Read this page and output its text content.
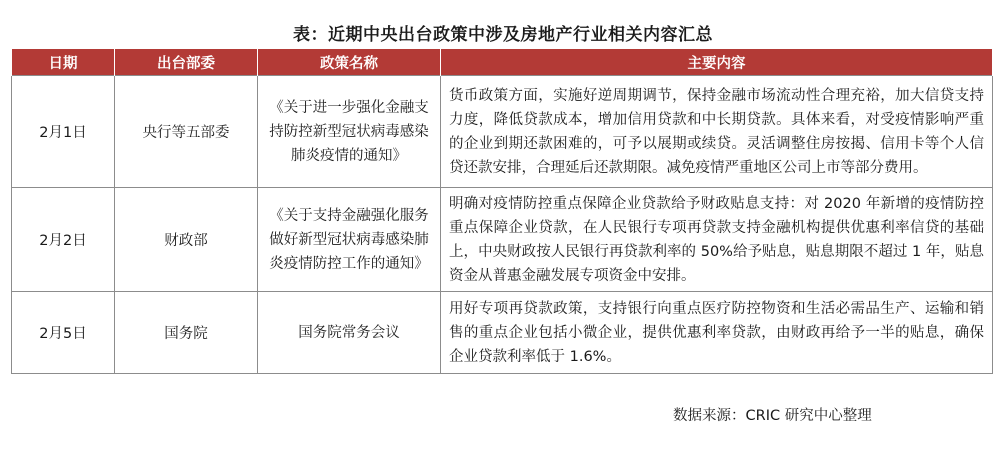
表：近期中央出台政策中涉及房地产行业相关内容汇总
日期	出台部委	政策名称	主要内容
2月1日	央行等五部委	《关于进一步强化金融支持防控新型冠状病毒感染肺炎疫情的通知》	货币政策方面，实施好逆周期调节，保持金融市场流动性合理充裕，加大信贷支持力度，降低贷款成本，增加信用贷款和中长期贷款。具体来看，对受疫情影响严重的企业到期还款困难的，可予以展期或续贷。灵活调整住房按揭、信用卡等个人信贷还款安排，合理延后还款期限。减免疫情严重地区公司上市等部分费用。
2月2日	财政部	《关于支持金融强化服务 做好新型冠状病毒感染肺炎疫情防控工作的通知》	明确对疫情防控重点保障企业贷款给予财政贴息支持：对 2020 年新增的疫情防控重点保障企业贷款，在人民银行专项再贷款支持金融机构提供优惠利率信贷的基础上，中央财政按人民银行再贷款利率的 50%给予贴息，贴息期限不超过 1 年，贴息资金从普惠金融发展专项资金中安排。
2月5日	国务院	国务院常务会议	用好专项再贷款政策，支持银行向重点医疗防控物资和生活必需品生产、运输和销售的重点企业包括小微企业，提供优惠利率贷款，由财政再给予一半的贴息，确保企业贷款利率低于 1.6%。
数据来源：CRIC 研究中心整理
